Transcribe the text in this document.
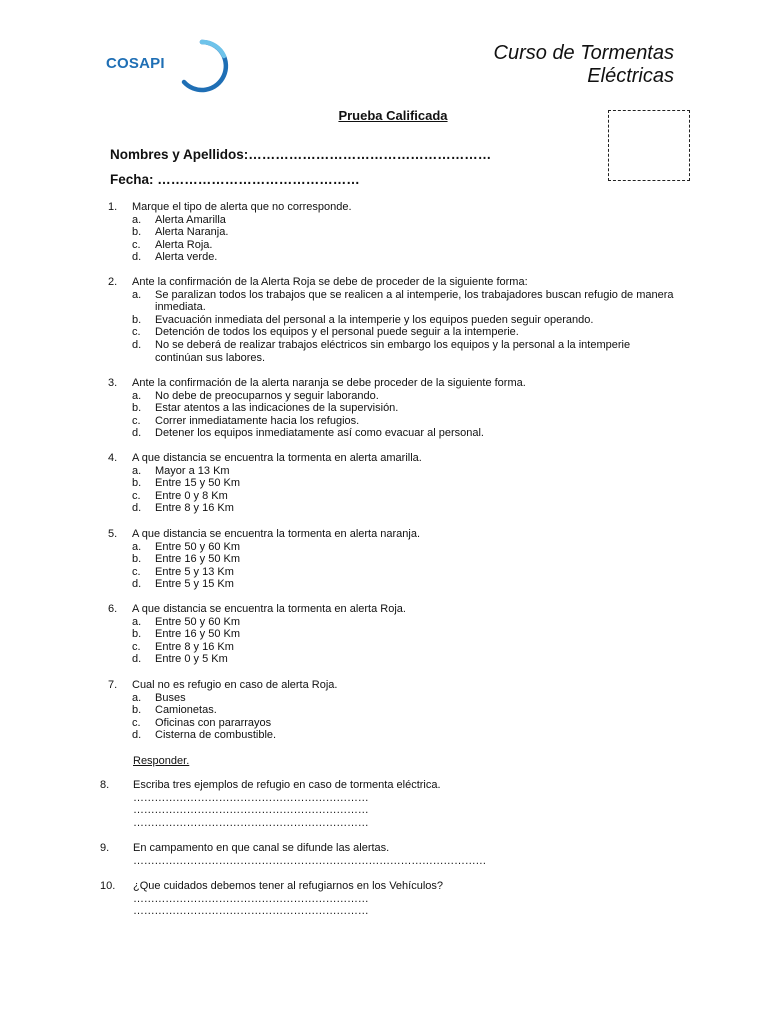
COSAPI	Curso de Tormentas
Eléctricas
Prueba Calificada
Nombres y Apellidos:………………………………………………
Fecha: ………………………………………
1.	Marque el tipo de alerta que no corresponde.
a.	Alerta Amarilla
b.	Alerta Naranja.
c.	Alerta Roja.
d.	Alerta verde.
2.	Ante la confirmación de la Alerta Roja se debe de proceder de la siguiente forma:
a.	Se paralizan todos los trabajos que se realicen a al intemperie, los trabajadores buscan refugio de manera inmediata.
b.	Evacuación inmediata del personal a la intemperie y los equipos pueden seguir operando.
c.	Detención de todos los equipos y el personal puede seguir a la intemperie.
d.	No se deberá de realizar trabajos eléctricos sin embargo los equipos y la personal a la intemperie continúan sus labores.
3.	Ante la confirmación de la alerta naranja se debe proceder de la siguiente forma.
a.	No debe de preocuparnos y seguir laborando.
b.	Estar atentos a las indicaciones de la supervisión.
c.	Correr inmediatamente hacia los refugios.
d.	Detener los equipos inmediatamente así como evacuar al personal.
4.	A que distancia se encuentra la tormenta en alerta amarilla.
a.	Mayor a 13 Km
b.	Entre 15 y 50 Km
c.	Entre 0 y 8 Km
d.	Entre 8 y 16 Km
5.	A que distancia se encuentra la tormenta en alerta naranja.
a.	Entre 50 y 60 Km
b.	Entre 16 y 50 Km
c.	Entre 5 y 13 Km
d.	Entre 5 y 15 Km
6.	A que distancia se encuentra la tormenta en alerta Roja.
a.	Entre 50 y 60 Km
b.	Entre 16 y 50 Km
c.	Entre 8 y 16 Km
d.	Entre 0 y 5 Km
7.	Cual no es refugio en caso de alerta Roja.
a.	Buses
b.	Camionetas.
c.	Oficinas con pararrayos
d.	Cisterna de combustible.
Responder.
8.	Escriba tres ejemplos de refugio en caso de tormenta eléctrica.
…………………………………………………………
…………………………………………………………
…………………………………………………………
9.	En campamento en que canal se difunde las alertas.
………………………………………………………………………………………
10.	¿Que cuidados debemos tener al refugiarnos en los Vehículos?
…………………………………………………………
…………………………………………………………
